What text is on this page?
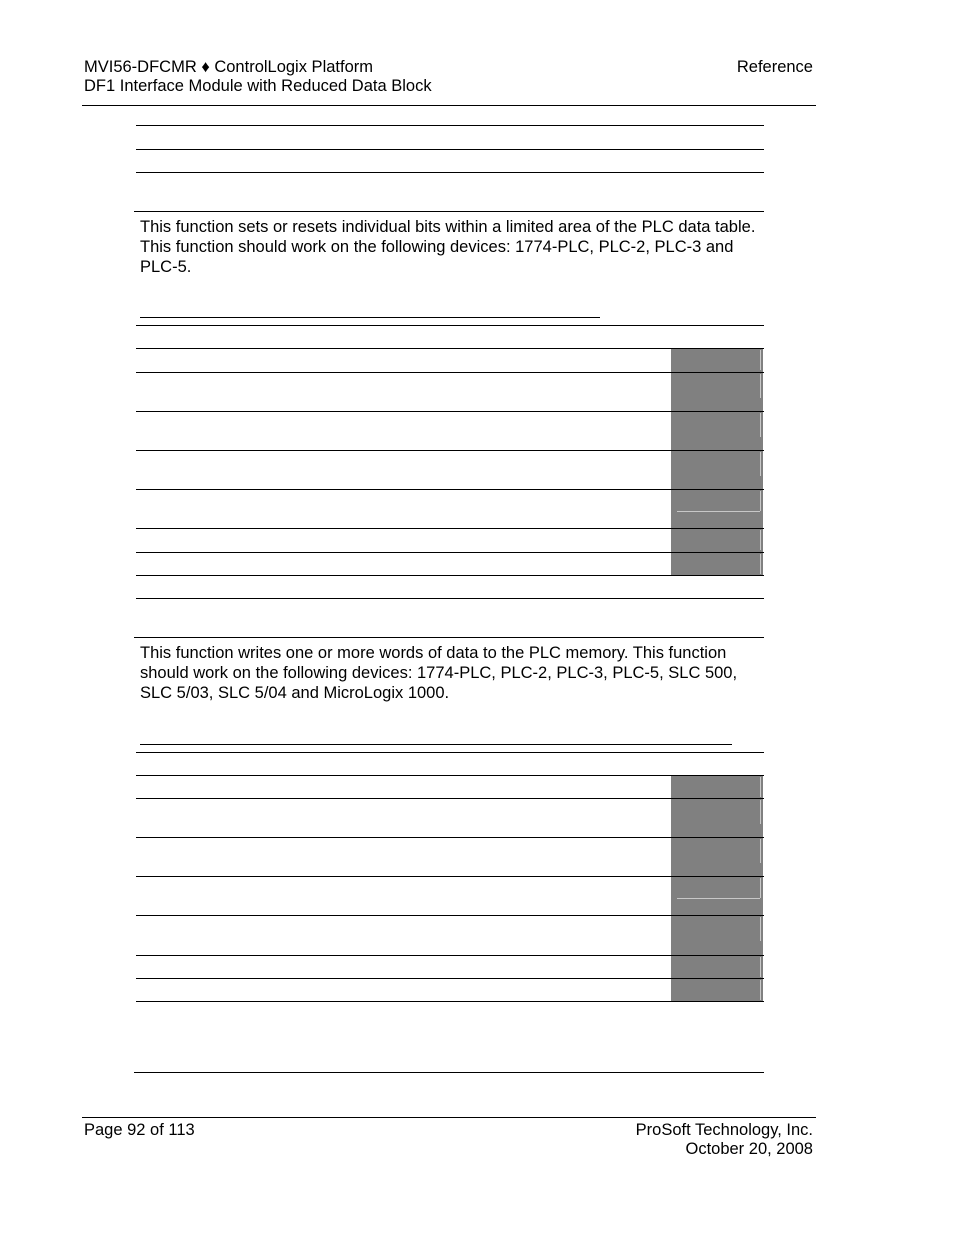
MVI56-DFCMR ♦ ControlLogix Platform
DF1 Interface Module with Reduced Data Block
Reference
This function sets or resets individual bits within a limited area of the PLC data table. This function should work on the following devices: 1774-PLC, PLC-2, PLC-3 and PLC-5.
This function writes one or more words of data to the PLC memory. This function should work on the following devices: 1774-PLC, PLC-2, PLC-3, PLC-5, SLC 500, SLC 5/03, SLC 5/04 and MicroLogix 1000.
Page 92 of 113	ProSoft Technology, Inc.
October 20, 2008
